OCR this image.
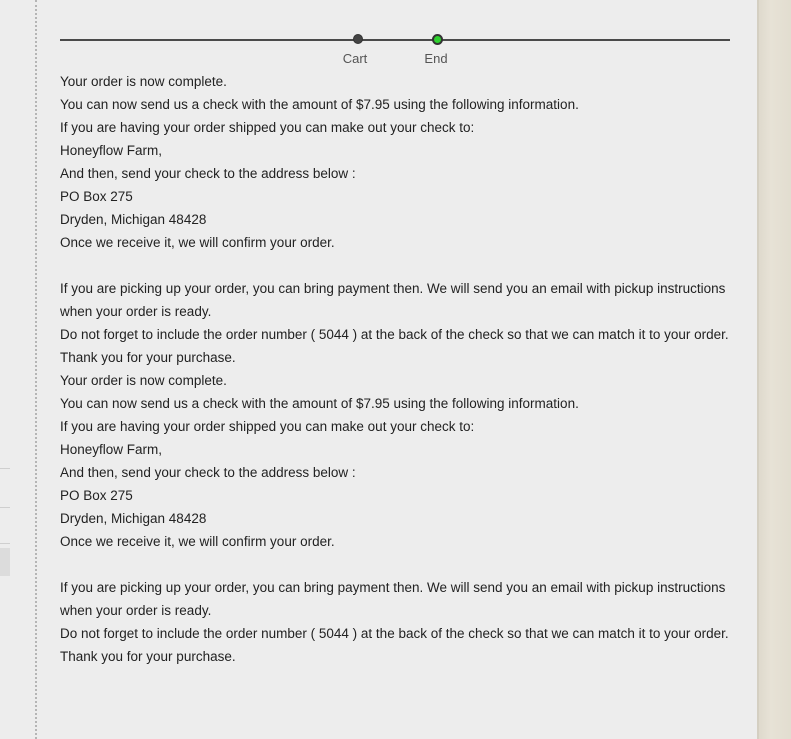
Cart	End

Your order is now complete.

You can now send us a check with the amount of $7.95 using the following information.

If you are having your order shipped you can make out your check to:

Honeyflow Farm,

And then, send your check to the address below :

PO Box 275

Dryden, Michigan 48428

Once we receive it, we will confirm your order.

If you are picking up your order, you can bring payment then. We will send you an email with pickup instructions when your order is ready.

Do not forget to include the order number ( 5044 ) at the back of the check so that we can match it to your order.

Thank you for your purchase.

Your order is now complete.

You can now send us a check with the amount of $7.95 using the following information.

If you are having your order shipped you can make out your check to:

Honeyflow Farm,

And then, send your check to the address below :

PO Box 275

Dryden, Michigan 48428

Once we receive it, we will confirm your order.

If you are picking up your order, you can bring payment then. We will send you an email with pickup instructions when your order is ready.

Do not forget to include the order number ( 5044 ) at the back of the check so that we can match it to your order.

Thank you for your purchase.
